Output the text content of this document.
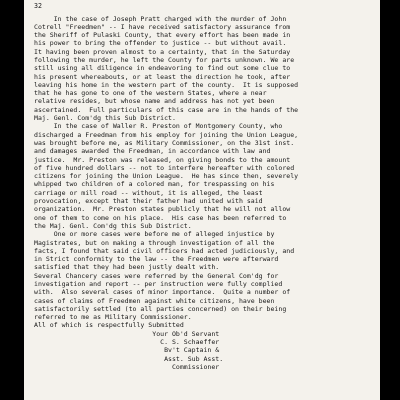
32
In the case of Joseph Pratt charged with the murder of John
Cotrell "Freedmen" -- I have received satisfactory assurance from
the Sheriff of Pulaski County, that every effort has been made in
his power to bring the offender to justice -- but without avail.
It having been proven almost to a certainty, that in the Saturday
following the murder, he left the County for parts unknown. We are
still using all diligence in endeavoring to find out some clue to
his present whereabouts, or at least the direction he took, after
leaving his home in the western part of the county.  It is supposed
that he has gone to one of the western States, where a near
relative resides, but whose name and address has not yet been
ascertained.  Full particulars of this case are in the hands of the
Maj. Genl. Com'dg this Sub District.
In the case of Waller R. Preston of Montgomery County, who
discharged a Freedman from his employ for joining the Union League,
was brought before me, as Military Commissioner, on the 31st inst.
and damages awarded the Freedman, in accordance with law and
justice.  Mr. Preston was released, on giving bonds to the amount
of five hundred dollars -- not to interfere hereafter with colored
citizens for joining the Union League.  He has since then, severely
whipped two children of a colored man, for trespassing on his
carriage or mill road -- without, it is alleged, the least
provocation, except that their father had united with said
organization.  Mr. Preston states publicly that he will not allow
one of them to come on his place.  His case has been referred to
the Maj. Genl. Com'dg this Sub District.
One or more cases were before me of alleged injustice by
Magistrates, but on making a through investigation of all the
facts, I found that said civil officers had acted judiciously, and
in Strict conformity to the law -- the Freedmen were afterward
satisfied that they had been justly dealt with.
Several Chancery cases were referred by the General Com'dg for
investigation and report -- per instruction were fully complied
with.  Also several cases of minor importance.  Quite a number of
cases of claims of Freedmen against white citizens, have been
satisfactorily settled (to all parties concerned) on their being
referred to me as Military Commissioner.
All of which is respectfully Submitted
Your Ob'd Servant
C. S. Schaeffer
Bv't Captain &
Asst. Sub Asst.
Commissioner
